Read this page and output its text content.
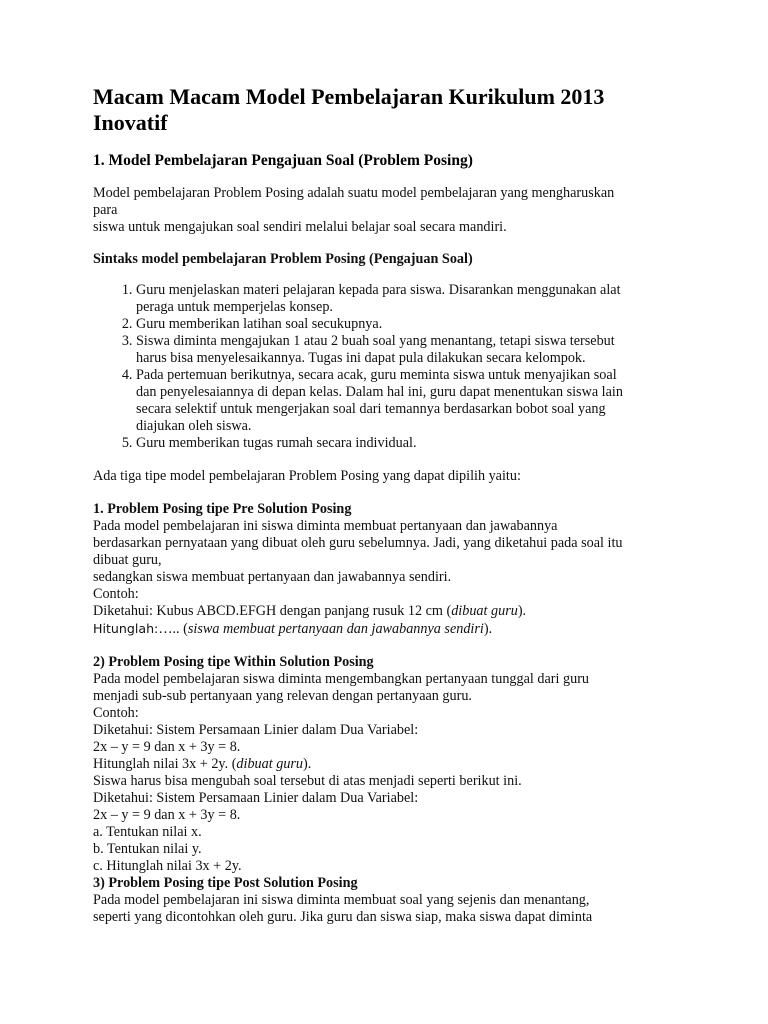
Macam Macam Model Pembelajaran Kurikulum 2013
Inovatif
1. Model Pembelajaran Pengajuan Soal (Problem Posing)

Model pembelajaran Problem Posing adalah suatu model pembelajaran yang mengharuskan

para

siswa untuk mengajukan soal sendiri melalui belajar soal secara mandiri.

Sintaks model pembelajaran Problem Posing (Pengajuan Soal)

1. Guru menjelaskan materi pelajaran kepada para siswa. Disarankan menggunakan alat
peraga untuk memperjelas konsep.
2. Guru memberikan latihan soal secukupnya.
3. Siswa diminta mengajukan 1 atau 2 buah soal yang menantang, tetapi siswa tersebut
harus bisa menyelesaikannya. Tugas ini dapat pula dilakukan secara kelompok.
4. Pada pertemuan berikutnya, secara acak, guru meminta siswa untuk menyajikan soal
dan penyelesaiannya di depan kelas. Dalam hal ini, guru dapat menentukan siswa lain
secara selektif untuk mengerjakan soal dari temannya berdasarkan bobot soal yang
diajukan oleh siswa.
5. Guru memberikan tugas rumah secara individual.

Ada tiga tipe model pembelajaran Problem Posing yang dapat dipilih yaitu:

1. Problem Posing tipe Pre Solution Posing

Pada model pembelajaran ini siswa diminta membuat pertanyaan dan jawabannya

berdasarkan pernyataan yang dibuat oleh guru sebelumnya. Jadi, yang diketahui pada soal itu

dibuat guru,

sedangkan siswa membuat pertanyaan dan jawabannya sendiri.

Contoh:

Diketahui: Kubus ABCD.EFGH dengan panjang rusuk 12 cm (dibuat guru).

Hitunglah:….. (siswa membuat pertanyaan dan jawabannya sendiri).

2) Problem Posing tipe Within Solution Posing

Pada model pembelajaran siswa diminta mengembangkan pertanyaan tunggal dari guru

menjadi sub-sub pertanyaan yang relevan dengan pertanyaan guru.

Contoh:

Diketahui: Sistem Persamaan Linier dalam Dua Variabel:

2x – y = 9 dan x + 3y = 8.

Hitunglah nilai 3x + 2y. (dibuat guru).

Siswa harus bisa mengubah soal tersebut di atas menjadi seperti berikut ini.

Diketahui: Sistem Persamaan Linier dalam Dua Variabel:

2x – y = 9 dan x + 3y = 8.

a. Tentukan nilai x.

b. Tentukan nilai y.

c. Hitunglah nilai 3x + 2y.

3) Problem Posing tipe Post Solution Posing

Pada model pembelajaran ini siswa diminta membuat soal yang sejenis dan menantang,

seperti yang dicontohkan oleh guru. Jika guru dan siswa siap, maka siswa dapat diminta
